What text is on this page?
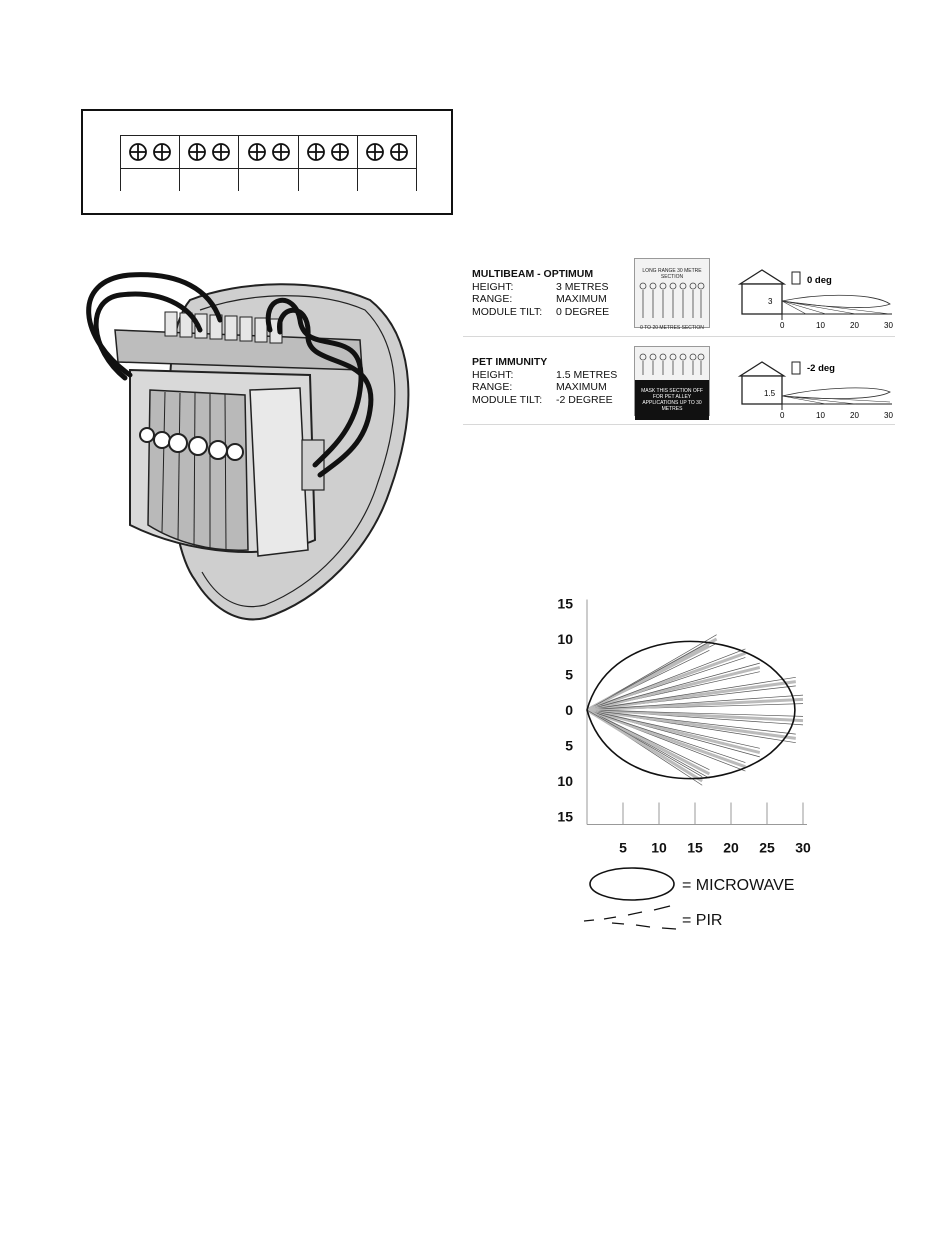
MULTIBEAM - OPTIMUM
HEIGHT:	3 METRES
RANGE:	MAXIMUM
MODULE TILT:	0 DEGREE
LONG RANGE 30 METRE SECTION
0 TO 20 METRES SECTION
0 deg
3
0	10	20	30
PET IMMUNITY
HEIGHT:	1.5 METRES
RANGE:	MAXIMUM
MODULE TILT:	-2 DEGREE
MASK THIS SECTION OFF FOR PET ALLEY APPLICATIONS UP TO 30 METRES
-2 deg
1.5
0	10	20	30
15
10
5
0
5
10
15
5 10 15 20 25 30
= MICROWAVE
= PIR
